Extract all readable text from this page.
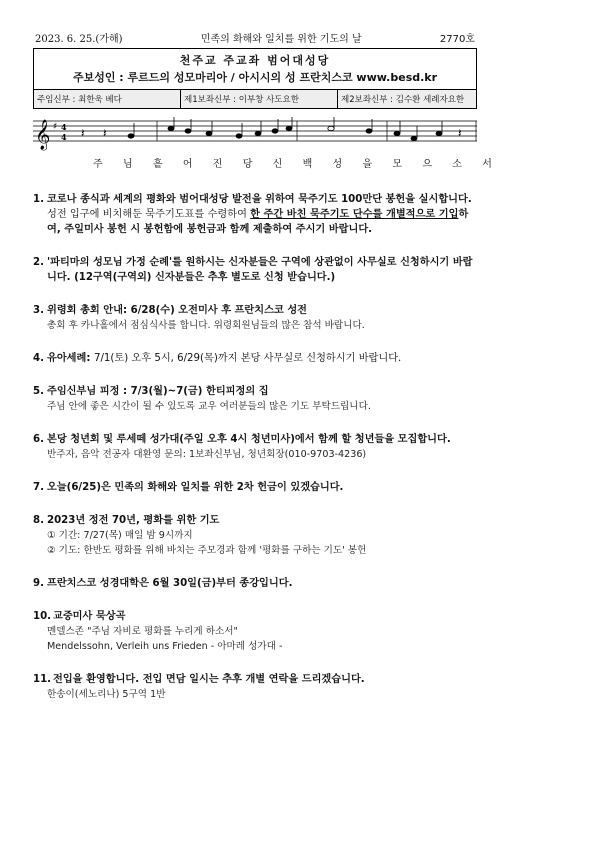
2023. 6. 25.(가해)	민족의 화해와 일치를 위한 기도의 날	2770호
천주교 주교좌 범어대성당
주보성인 : 루르드의 성모마리아 / 아시시의 성 프란치스코 www.besd.kr
주임신부 : 최한욱 베다	제1보좌신부 : 이부창 사도요한	제2보좌신부 : 김수환 세례자요한
𝄞 ♯ 4
4 𝄽 𝄽	𝄽
주 님 흩 어 진 당 신 백 성 을 모 으 소 서
1. 코로나 종식과 세계의 평화와 범어대성당 발전을 위하여 묵주기도 100만단 봉헌을 실시합니다. 성전 입구에 비치해둔 묵주기도표를 수령하여 한 주간 바친 묵주기도 단수를 개별적으로 기입하여, 주일미사 봉헌 시 봉헌함에 봉헌금과 함께 제출하여 주시기 바랍니다.
2. '파티마의 성모님 가정 순례'를 원하시는 신자분들은 구역에 상관없이 사무실로 신청하시기 바랍니다. (12구역(구역외) 신자분들은 추후 별도로 신청 받습니다.)
3. 위령회 총회 안내: 6/28(수) 오전미사 후 프란치스코 성전
총회 후 카나홀에서 점심식사를 합니다. 위령회원님들의 많은 참석 바랍니다.
4. 유아세례: 7/1(토) 오후 5시, 6/29(목)까지 본당 사무실로 신청하시기 바랍니다.
5. 주임신부님 피정 : 7/3(월)~7(금) 한티피정의 집
주님 안에 좋은 시간이 될 수 있도록 교우 여러분들의 많은 기도 부탁드립니다.
6. 본당 청년회 및 루세떼 성가대(주일 오후 4시 청년미사)에서 함께 할 청년들을 모집합니다.
반주자, 음악 전공자 대환영 문의: 1보좌신부님, 청년회장(010-9703-4236)
7. 오늘(6/25)은 민족의 화해와 일치를 위한 2차 헌금이 있겠습니다.
8. 2023년 정전 70년, 평화를 위한 기도
① 기간: 7/27(목) 매일 밤 9시까지
② 기도: 한반도 평화를 위해 바치는 주모경과 함께 '평화를 구하는 기도' 봉헌
9. 프란치스코 성경대학은 6월 30일(금)부터 종강입니다.
10. 교중미사 묵상곡
멘델스존 "주님 자비로 평화를 누리게 하소서"
Mendelssohn, Verleih uns Frieden - 아마레 성가대 -
11. 전입을 환영합니다. 전입 면담 일시는 추후 개별 연락을 드리겠습니다.
한송이(세노리나) 5구역 1반
